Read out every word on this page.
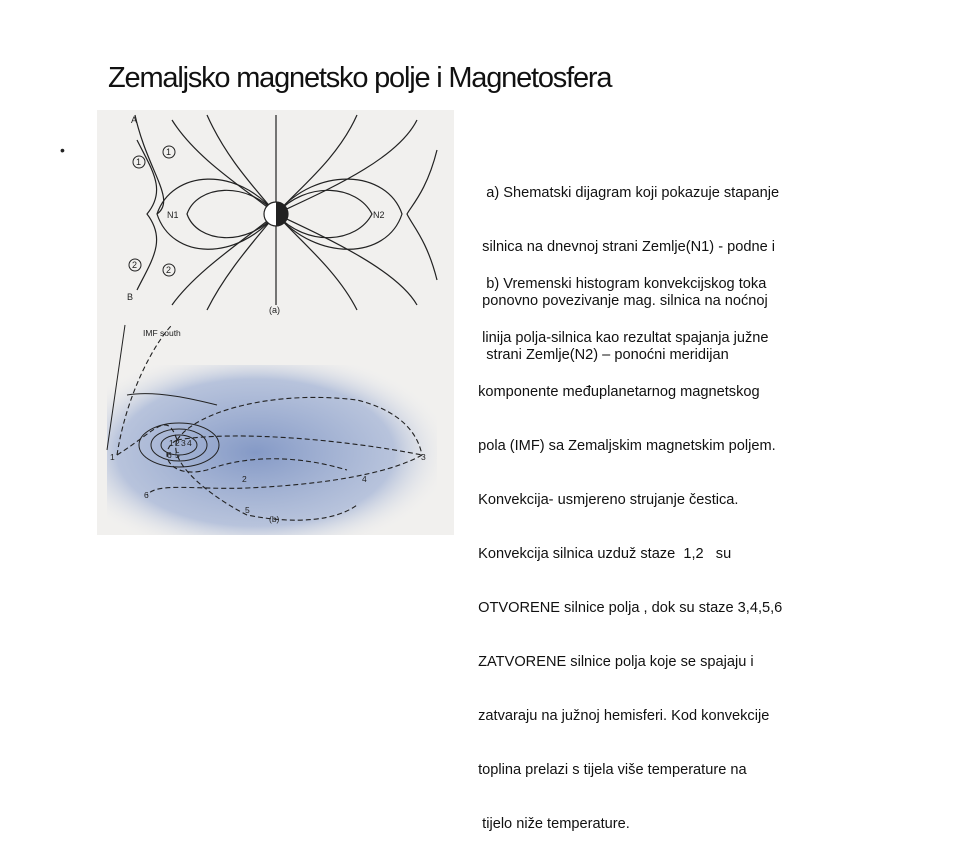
Zemaljsko magnetsko polje i Magnetosfera
•
A
1
1
N1	N2
2	2
B
(a)
IMF south
1
2
3
4
5
6
1 2 3 4
5
6
(b)

a) Shematski dijagram koji pokazuje stapanje

silnica na dnevnoj strani Zemlje(N1) - podne i

ponovno povezivanje mag. silnica na noćnoj

strani Zemlje(N2) – ponoćni meridijan

b) Vremenski histogram konvekcijskog toka

linija polja-silnica kao rezultat spajanja južne

komponente međuplanetarnog magnetskog

pola (IMF) sa Zemaljskim magnetskim poljem.

Konvekcija- usmjereno strujanje čestica.

Konvekcija silnica uzduž staze  1,2   su

OTVORENE silnice polja , dok su staze 3,4,5,6

ZATVORENE silnice polja koje se spajaju i

zatvaraju na južnoj hemisferi. Kod konvekcije

toplina prelazi s tijela više temperature na

tijelo niže temperature.
